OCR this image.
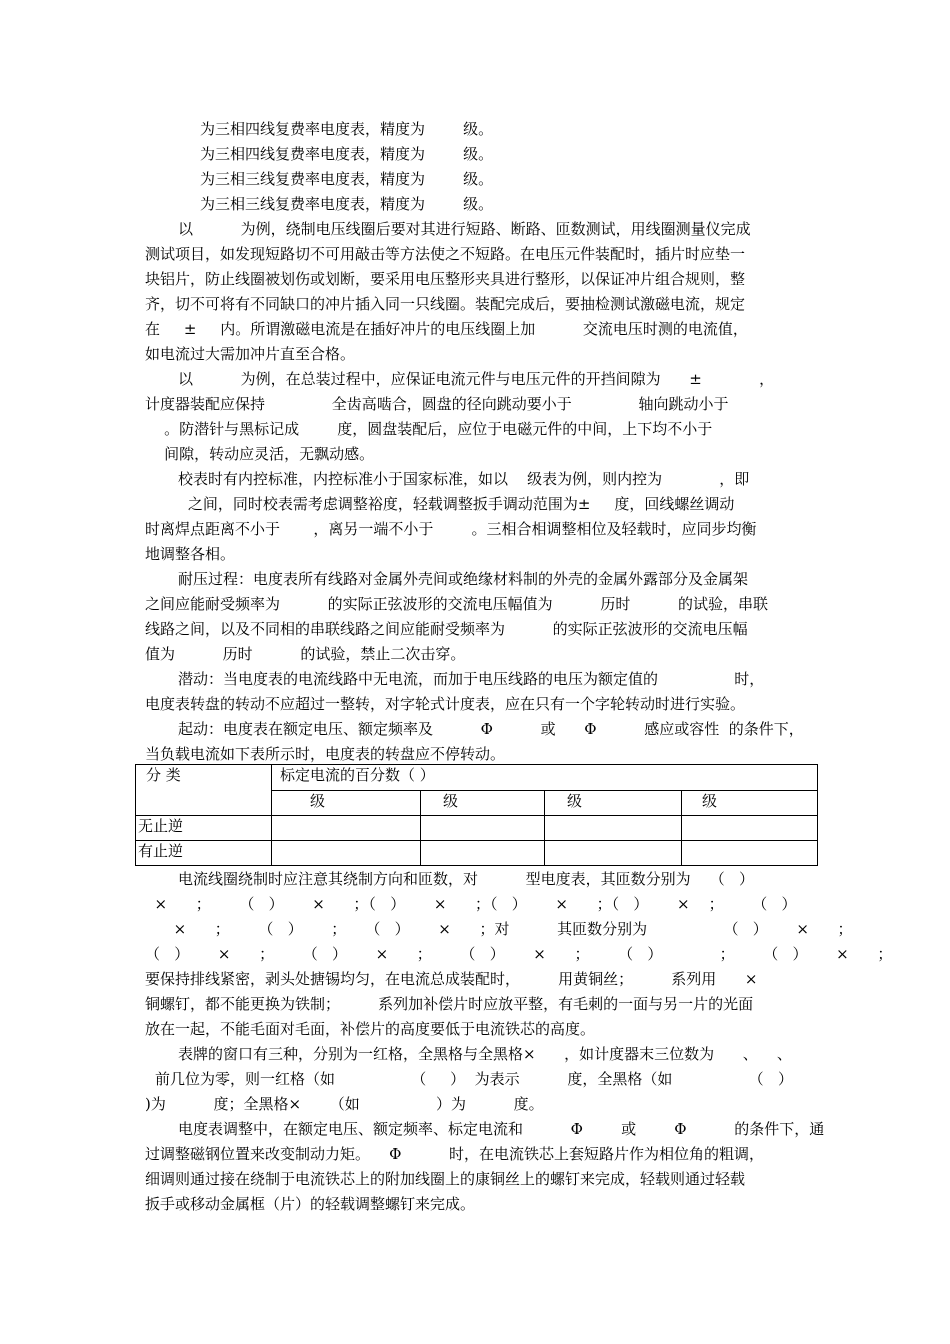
为三相四线复费率电度表，精度为        级。

为三相四线复费率电度表，精度为        级。

为三相三线复费率电度表，精度为        级。

为三相三线复费率电度表，精度为        级。

以          为例，绕制电压线圈后要对其进行短路、断路、匝数测试，用线圈测量仪完成

测试项目，如发现短路切不可用敲击等方法使之不短路。在电压元件装配时，插片时应垫一

块铝片，防止线圈被划伤或划断，要采用电压整形夹具进行整形，以保证冲片组合规则，整

齐，切不可将有不同缺口的冲片插入同一只线圈。装配完成后，要抽检测试激磁电流，规定

在     ±     内。所谓激磁电流是在插好冲片的电压线圈上加          交流电压时测的电流值，

如电流过大需加冲片直至合格。

以          为例，在总装过程中，应保证电流元件与电压元件的开挡间隙为      ±            ，

计度器装配应保持              全齿高啮合，圆盘的径向跳动要小于              轴向跳动小于

。防潜针与黑标记成        度，圆盘装配后，应位于电磁元件的中间，上下均不小于

间隙，转动应灵活，无飘动感。

校表时有内控标准，内控标准小于国家标准，如以    级表为例，则内控为            ，即

之间，同时校表需考虑调整裕度，轻载调整扳手调动范围为±     度，回线螺丝调动

时离焊点距离不小于       ，离另一端不小于        。三相合相调整相位及轻载时，应同步均衡

地调整各相。

耐压过程：电度表所有线路对金属外壳间或绝缘材料制的外壳的金属外露部分及金属架

之间应能耐受频率为          的实际正弦波形的交流电压幅值为          历时          的试验，串联

线路之间，以及不同相的串联线路之间应能耐受频率为          的实际正弦波形的交流电压幅

值为          历时          的试验，禁止二次击穿。

潜动：当电度表的电流线路中无电流，而加于电压线路的电压为额定值的                时，

电度表转盘的转动不应超过一整转，对字轮式计度表，应在只有一个字轮转动时进行实验。

起动：电度表在额定电压、额定频率及          Φ          或      Φ          感应或容性  的条件下，

当负载电流如下表所示时，电度表的转盘应不停转动。

分 类	标定电流的百分数（ ）			
	级	级	级	级
无止逆				
有止逆				

电流线圈绕制时应注意其绕制方向和匝数，对          型电度表，其匝数分别为    （   ）

×      ；      （   ）      ×      ；（   ）      ×      ；（   ）      ×      ；（   ）      ×    ；      （   ）

×      ；      （   ）      ；    （   ）      ×      ；对          其匝数分别为                （   ）      ×      ；

（   ）      ×      ；      （   ）      ×      ；      （   ）      ×      ；      （   ）            ；      （   ）      ×      ；

要保持排线紧密，剥头处搪锡均匀，在电流总成装配时，        用黄铜丝；        系列用      ×

铜螺钉，都不能更换为铁制；        系列加补偿片时应放平整，有毛刺的一面与另一片的光面

放在一起，不能毛面对毛面，补偿片的高度要低于电流铁芯的高度。

表牌的窗口有三种，分别为一红格，全黑格与全黑格×      ，如计度器末三位数为      、    、

前几位为零，则一红格（如                （     ）  为表示          度，全黑格（如                （   ）

)为          度；全黑格×      （如                ）为          度。

电度表调整中，在额定电压、额定频率、标定电流和          Φ        或        Φ          的条件下，通

过调整磁钢位置来改变制动力矩。    Φ          时，在电流铁芯上套短路片作为相位角的粗调，

细调则通过接在绕制于电流铁芯上的附加线圈上的康铜丝上的螺钉来完成，轻载则通过轻载

扳手或移动金属框（片）的轻载调整螺钉来完成。
